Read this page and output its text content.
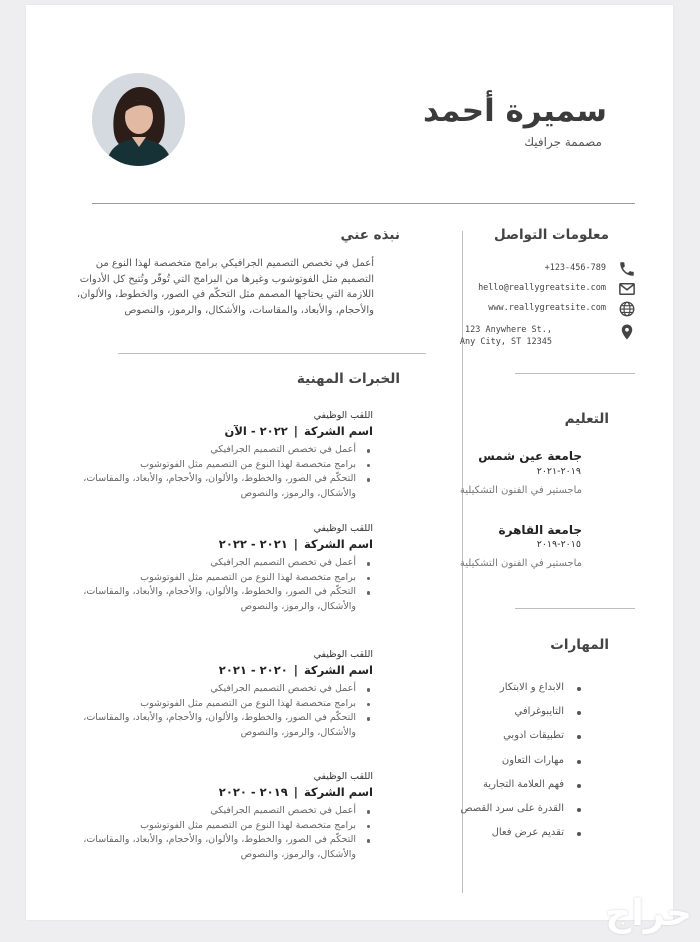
سميرة أحمد
مصممة جرافيك
نبذه عني
أعمل في تخصص التصميم الجرافيكي برامج متخصصة لهذا النوع من التصميم مثل الفوتوشوب وغيرها من البرامج التي تُوفّر وتُتيح كل الأدوات اللازمة التي يحتاجها المصمم مثل التحكّم في الصور، والخطوط، والألوان، والأحجام، والأبعاد، والمقاسات، والأشكال، والرموز، والنصوص
الخبرات المهنية
اللقب الوظيفي
اسم الشركة|٢٠٢٢ - الآن
أعمل في تخصص التصميم الجرافيكي
برامج متخصصة لهذا النوع من التصميم مثل الفوتوشوب
التحكّم في الصور، والخطوط، والألوان، والأحجام، والأبعاد، والمقاسات، والأشكال، والرموز، والنصوص
اللقب الوظيفي
اسم الشركة|٢٠٢١ - ٢٠٢٢
أعمل في تخصص التصميم الجرافيكي
برامج متخصصة لهذا النوع من التصميم مثل الفوتوشوب
التحكّم في الصور، والخطوط، والألوان، والأحجام، والأبعاد، والمقاسات، والأشكال، والرموز، والنصوص
اللقب الوظيفي
اسم الشركة|٢٠٢٠ - ٢٠٢١
أعمل في تخصص التصميم الجرافيكي
برامج متخصصة لهذا النوع من التصميم مثل الفوتوشوب
التحكّم في الصور، والخطوط، والألوان، والأحجام، والأبعاد، والمقاسات، والأشكال، والرموز، والنصوص
اللقب الوظيفي
اسم الشركة|٢٠١٩ - ٢٠٢٠
أعمل في تخصص التصميم الجرافيكي
برامج متخصصة لهذا النوع من التصميم مثل الفوتوشوب
التحكّم في الصور، والخطوط، والألوان، والأحجام، والأبعاد، والمقاسات، والأشكال، والرموز، والنصوص
معلومات التواصل
+123-456-789
hello@reallygreatsite.com
www.reallygreatsite.com
123 Anywhere St.,
Any City, ST 12345
التعليم
جامعة عين شمس
٢٠١٩-٢٠٢١
ماجستير في الفنون التشكيلية
جامعة القاهرة
٢٠١٥-٢٠١٩
ماجستير في الفنون التشكيلية
المهارات
الابداع و الابتكار
التايبوغرافي
تطبيقات ادوبي
مهارات التعاون
فهم العلامة التجارية
القدرة على سرد القصص
تقديم عرض فعال
حراج
